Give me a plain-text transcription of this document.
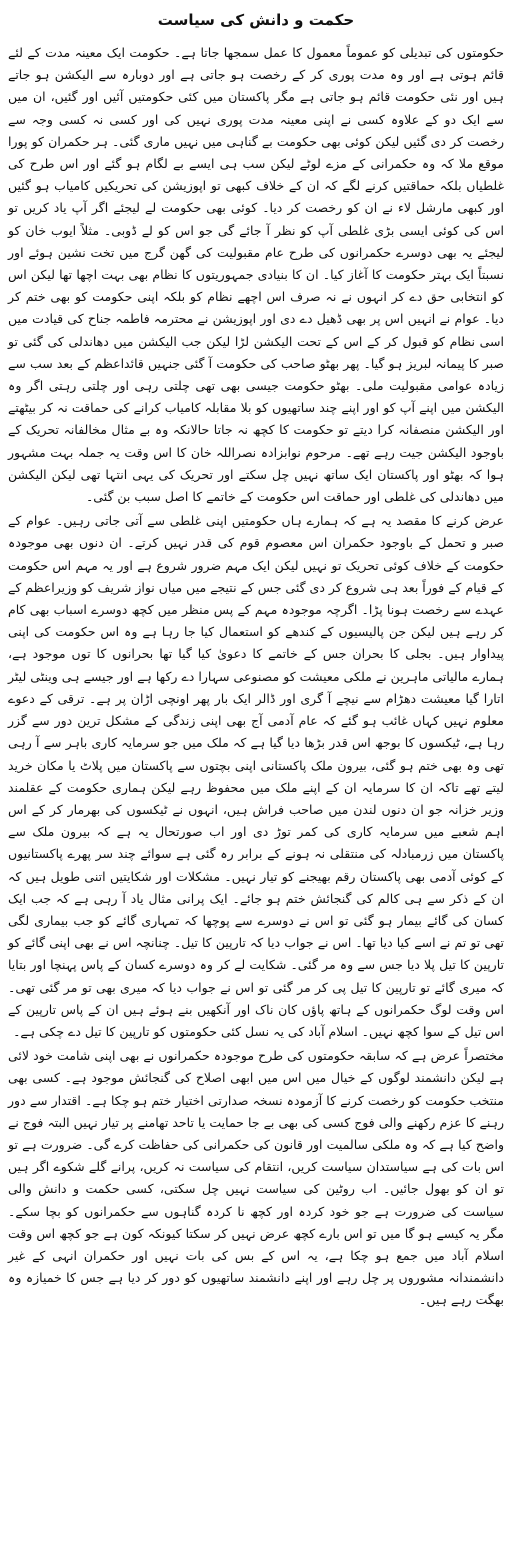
حکمت و دانش کی سیاست

حکومتوں کی تبدیلی کو عموماً معمول کا عمل سمجھا جاتا ہے۔ حکومت ایک معینہ مدت کے لئے قائم ہوتی ہے اور وہ مدت پوری کر کے رخصت ہو جاتی ہے اور دوبارہ سے الیکشن ہو جاتے ہیں اور نئی حکومت قائم ہو جاتی ہے مگر پاکستان میں کئی حکومتیں آئیں اور گئیں، ان میں سے ایک دو کے علاوہ کسی نے اپنی معینہ مدت پوری نہیں کی اور کسی نہ کسی وجہ سے رخصت کر دی گئیں لیکن کوئی بھی حکومت بے گناہی میں نہیں ماری گئی۔ ہر حکمران کو پورا موقع ملا کہ وہ حکمرانی کے مزے لوٹے لیکن سب ہی ایسے بے لگام ہو گئے اور اس طرح کی غلطیاں بلکہ حماقتیں کرنے لگے کہ ان کے خلاف کبھی تو اپوزیشن کی تحریکیں کامیاب ہو گئیں اور کبھی مارشل لاء نے ان کو رخصت کر دیا۔ کوئی بھی حکومت لے لیجئے اگر آپ یاد کریں تو اس کی کوئی ایسی بڑی غلطی آپ کو نظر آ جائے گی جو اس کو لے ڈوبی۔ مثلاً ایوب خان کو لیجئے یہ بھی دوسرے حکمرانوں کی طرح عام مقبولیت کی گھن گرج میں تخت نشین ہوئے اور نسبتاً ایک بہتر حکومت کا آغاز کیا۔ ان کا بنیادی جمہوریتوں کا نظام بھی بہت اچھا تھا لیکن اس کو انتخابی حق دے کر انہوں نے نہ صرف اس اچھے نظام کو بلکہ اپنی حکومت کو بھی ختم کر دیا۔ عوام نے انہیں اس پر بھی ڈھیل دے دی اور اپوزیشن نے محترمہ فاطمہ جناح کی قیادت میں اسی نظام کو قبول کر کے اس کے تحت الیکشن لڑا لیکن جب الیکشن میں دھاندلی کی گئی تو صبر کا پیمانہ لبریز ہو گیا۔ پھر بھٹو صاحب کی حکومت آ گئی جنہیں قائداعظم کے بعد سب سے زیادہ عوامی مقبولیت ملی۔ بھٹو حکومت جیسی بھی تھی چلتی رہی اور چلتی رہتی اگر وہ الیکشن میں اپنے آپ کو اور اپنے چند ساتھیوں کو بلا مقابلہ کامیاب کرانے کی حماقت نہ کر بیٹھتے اور الیکشن منصفانہ کرا دیتے تو حکومت کا کچھ نہ جاتا حالانکہ وہ بے مثال مخالفانہ تحریک کے باوجود الیکشن جیت رہے تھے۔ مرحوم نوابزادہ نصراللہ خان کا اس وقت یہ جملہ بہت مشہور ہوا کہ بھٹو اور پاکستان ایک ساتھ نہیں چل سکتے اور تحریک کی یہی انتہا تھی لیکن الیکشن میں دھاندلی کی غلطی اور حماقت اس حکومت کے خاتمے کا اصل سبب بن گئی۔

عرض کرنے کا مقصد یہ ہے کہ ہمارے ہاں حکومتیں اپنی غلطی سے آتی جاتی رہیں۔ عوام کے صبر و تحمل کے باوجود حکمران اس معصوم قوم کی قدر نہیں کرتے۔ ان دنوں بھی موجودہ حکومت کے خلاف کوئی تحریک تو نہیں لیکن ایک مہم ضرور شروع ہے اور یہ مہم اس حکومت کے قیام کے فوراً بعد ہی شروع کر دی گئی جس کے نتیجے میں میاں نواز شریف کو وزیراعظم کے عہدے سے رخصت ہونا پڑا۔ اگرچہ موجودہ مہم کے پس منظر میں کچھ دوسرے اسباب بھی کام کر رہے ہیں لیکن جن پالیسیوں کے کندھے کو استعمال کیا جا رہا ہے وہ اس حکومت کی اپنی پیداوار ہیں۔ بجلی کا بحران جس کے خاتمے کا دعویٰ کیا گیا تھا بحرانوں کا توں موجود ہے، ہمارے مالیاتی ماہرین نے ملکی معیشت کو مصنوعی سہارا دے رکھا ہے اور جیسے ہی وینٹی لیٹر اتارا گیا معیشت دھڑام سے نیچے آ گری اور ڈالر ایک بار پھر اونچی اڑان پر ہے۔ ترقی کے دعوے معلوم نہیں کہاں غائب ہو گئے کہ عام آدمی آج بھی اپنی زندگی کے مشکل ترین دور سے گزر رہا ہے، ٹیکسوں کا بوجھ اس قدر بڑھا دیا گیا ہے کہ ملک میں جو سرمایہ کاری باہر سے آ رہی تھی وہ بھی ختم ہو گئی، بیرون ملک پاکستانی اپنی بچتوں سے پاکستان میں پلاٹ یا مکان خرید لیتے تھے تاکہ ان کا سرمایہ ان کے اپنے ملک میں محفوظ رہے لیکن ہماری حکومت کے عقلمند وزیر خزانہ جو ان دنوں لندن میں صاحب فراش ہیں، انہوں نے ٹیکسوں کی بھرمار کر کے اس اہم شعبے میں سرمایہ کاری کی کمر توڑ دی اور اب صورتحال یہ ہے کہ بیرون ملک سے پاکستان میں زرمبادلہ کی منتقلی نہ ہونے کے برابر رہ گئی ہے سوائے چند سر پھرے پاکستانیوں کے کوئی آدمی بھی پاکستان رقم بھیجنے کو تیار نہیں۔ مشکلات اور شکایتیں اتنی طویل ہیں کہ ان کے ذکر سے ہی کالم کی گنجائش ختم ہو جائے۔ ایک پرانی مثال یاد آ رہی ہے کہ جب ایک کسان کی گائے بیمار ہو گئی تو اس نے دوسرے سے پوچھا کہ تمہاری گائے کو جب بیماری لگی تھی تو تم نے اسے کیا دیا تھا۔ اس نے جواب دیا کہ تارپین کا تیل۔ چنانچہ اس نے بھی اپنی گائے کو تارپین کا تیل پلا دیا جس سے وہ مر گئی۔ شکایت لے کر وہ دوسرے کسان کے پاس پہنچا اور بتایا کہ میری گائے تو تارپین کا تیل پی کر مر گئی تو اس نے جواب دیا کہ میری بھی تو مر گئی تھی۔ اس وقت لوگ حکمرانوں کے ہاتھ پاؤں کان ناک اور آنکھیں بنے ہوئے ہیں ان کے پاس تارپین کے اس تیل کے سوا کچھ نہیں۔ اسلام آباد کی یہ نسل کئی حکومتوں کو تارپین کا تیل دے چکی ہے۔

مختصراً عرض ہے کہ سابقہ حکومتوں کی طرح موجودہ حکمرانوں نے بھی اپنی شامت خود لائی ہے لیکن دانشمند لوگوں کے خیال میں اس میں ابھی اصلاح کی گنجائش موجود ہے۔ کسی بھی منتخب حکومت کو رخصت کرنے کا آزمودہ نسخہ صدارتی اختیار ختم ہو چکا ہے۔ اقتدار سے دور رہنے کا عزم رکھنے والی فوج کسی کی بھی بے جا حمایت یا تاحد تھامنے پر تیار نہیں البتہ فوج نے واضح کیا ہے کہ وہ ملکی سالمیت اور قانون کی حکمرانی کی حفاظت کرے گی۔ ضرورت ہے تو اس بات کی ہے سیاستدان سیاست کریں، انتقام کی سیاست نہ کریں، پرانے گلے شکوے اگر ہیں تو ان کو بھول جائیں۔ اب روٹین کی سیاست نہیں چل سکتی، کسی حکمت و دانش والی سیاست کی ضرورت ہے جو خود کردہ اور کچھ نا کردہ گناہوں سے حکمرانوں کو بچا سکے۔ مگر یہ کیسے ہو گا میں تو اس بارے کچھ عرض نہیں کر سکتا کیونکہ کون ہے جو کچھ اس وقت اسلام آباد میں جمع ہو چکا ہے، یہ اس کے بس کی بات نہیں اور حکمران انہی کے غیر دانشمندانہ مشوروں پر چل رہے اور اپنے دانشمند ساتھیوں کو دور کر دیا ہے جس کا خمیازہ وہ بھگت رہے ہیں۔
